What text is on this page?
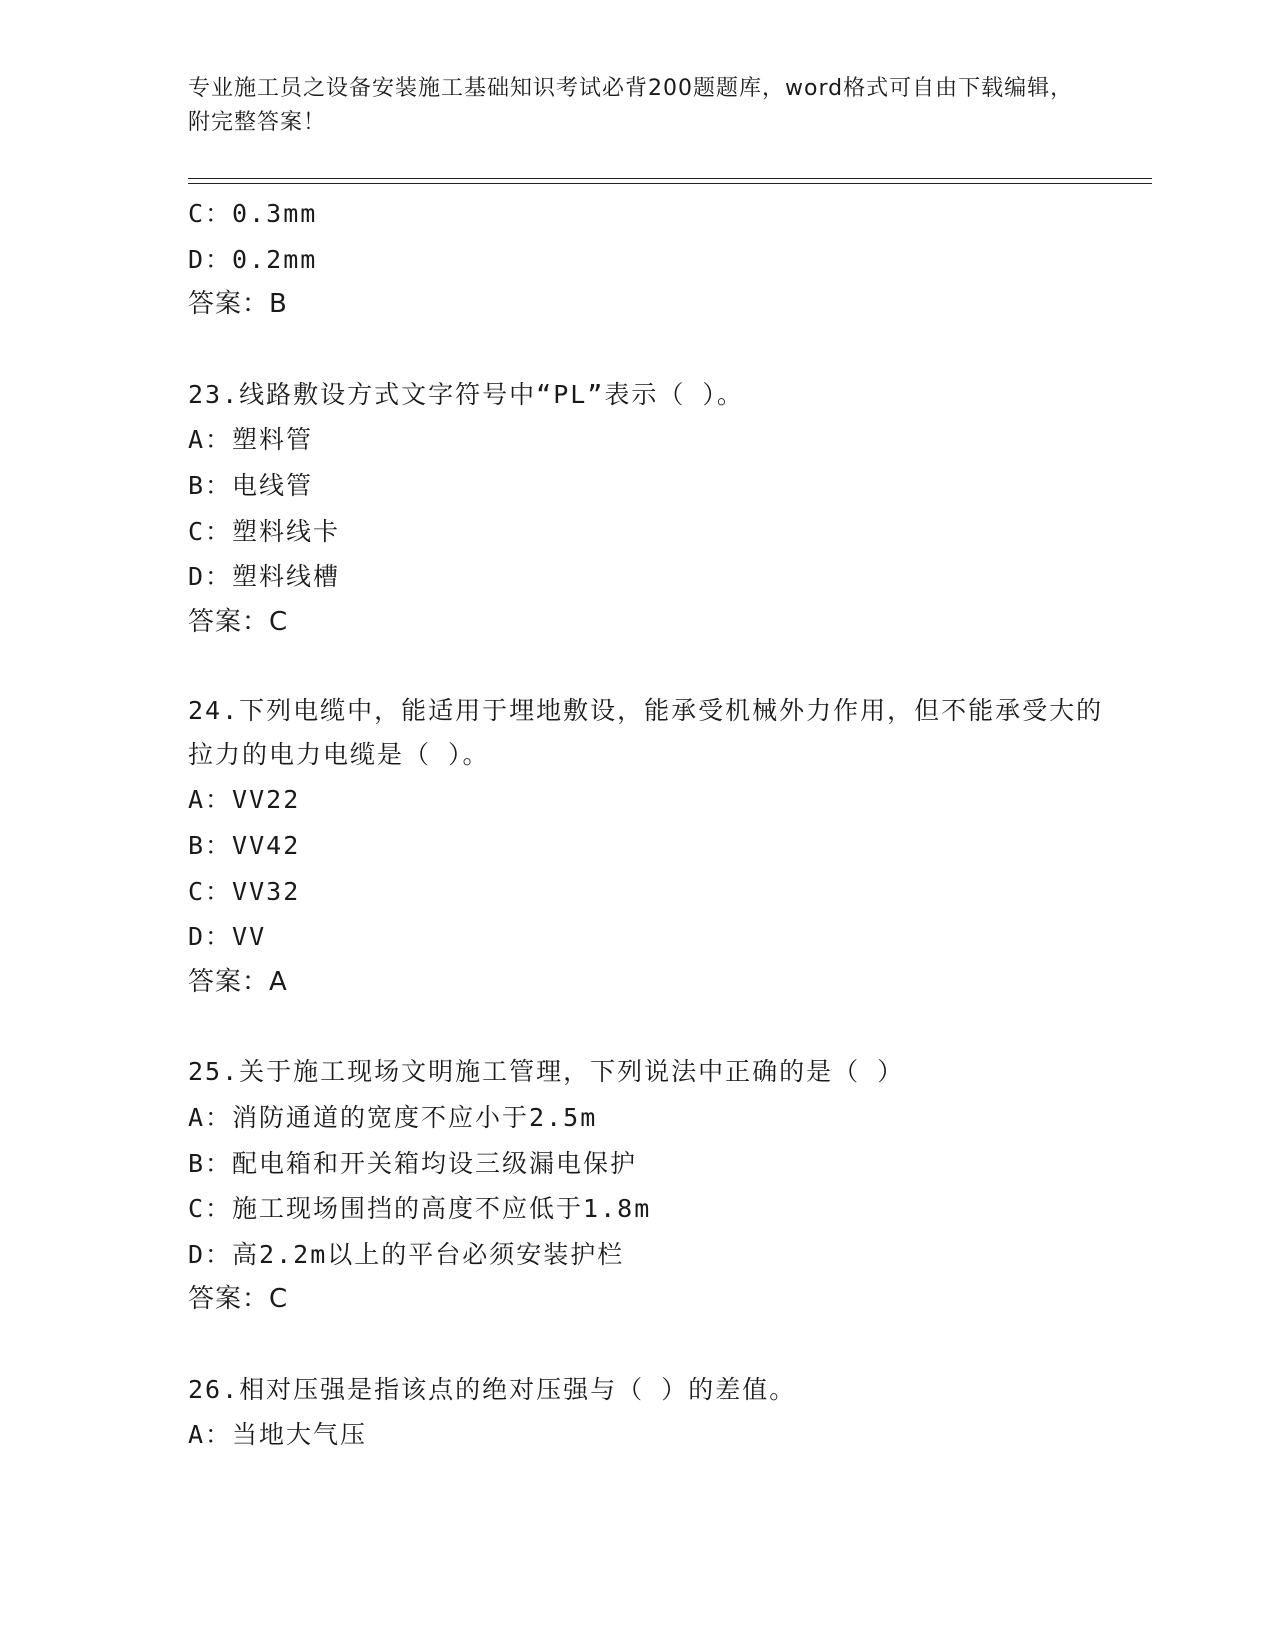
专业施工员之设备安装施工基础知识考试必背200题题库，word格式可自由下载编辑，附完整答案！
C：0.3mm
D：0.2mm
答案：B
23.线路敷设方式文字符号中“PL”表示（ ）。
A：塑料管
B：电线管
C：塑料线卡
D：塑料线槽
答案：C
24.下列电缆中，能适用于埋地敷设，能承受机械外力作用，但不能承受大的拉力的电力电缆是（ ）。
A：VV22
B：VV42
C：VV32
D：VV
答案：A
25.关于施工现场文明施工管理，下列说法中正确的是（ ）
A：消防通道的宽度不应小于2.5m
B：配电箱和开关箱均设三级漏电保护
C：施工现场围挡的高度不应低于1.8m
D：高2.2m以上的平台必须安装护栏
答案：C
26.相对压强是指该点的绝对压强与（ ）的差值。
A：当地大气压
